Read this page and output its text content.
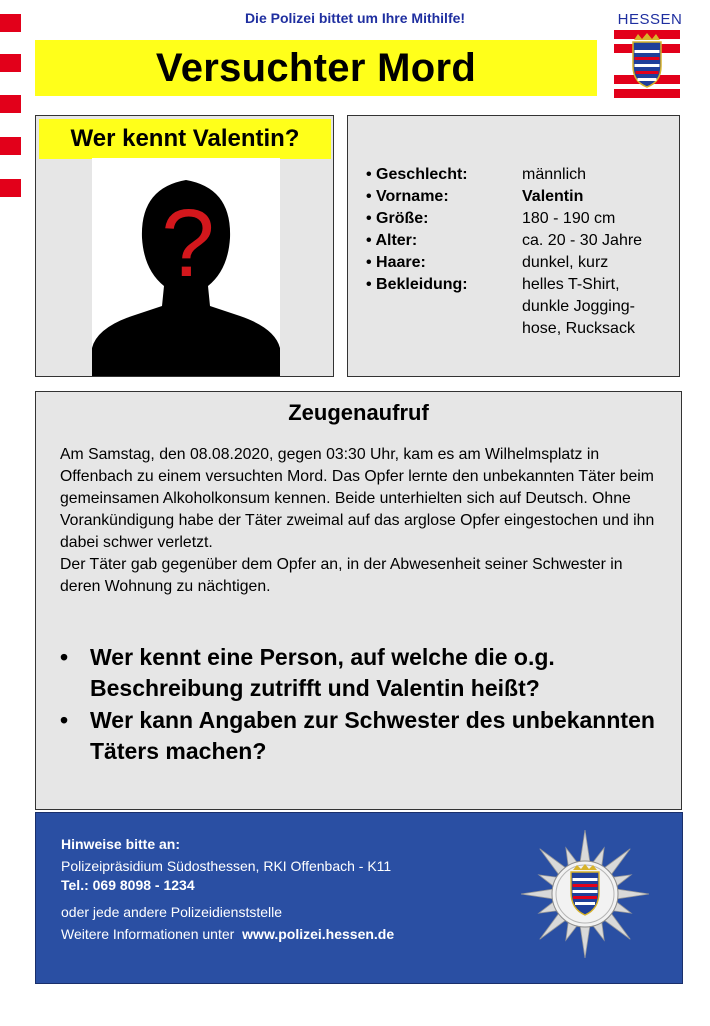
Die Polizei bittet um Ihre Mithilfe!
Versuchter Mord
HESSEN
Wer kennt Valentin?
?
• Geschlecht:	männlich
• Vorname:	Valentin
• Größe:	180 - 190 cm
• Alter:	ca. 20 - 30 Jahre
• Haare:	dunkel, kurz
• Bekleidung:	helles T-Shirt, dunkle Jogging-hose, Rucksack
Zeugenaufruf

Am Samstag, den 08.08.2020, gegen 03:30 Uhr, kam es am Wilhelmsplatz in Offenbach zu einem versuchten Mord. Das Opfer lernte den unbekannten Täter beim gemeinsamen Alkoholkonsum kennen. Beide unterhielten sich auf Deutsch. Ohne Vorankündigung habe der Täter zweimal auf das arglose Opfer eingestochen und ihn dabei schwer verletzt.

Der Täter gab gegenüber dem Opfer an, in der Abwesenheit seiner Schwester in deren Wohnung zu nächtigen.

• Wer kennt eine Person, auf welche die o.g. Beschreibung zutrifft und Valentin heißt?
• Wer kann Angaben zur Schwester des unbekannten Täters machen?
Hinweise bitte an:
Polizeipräsidium Südosthessen, RKI Offenbach - K11
Tel.: 069 8098 - 1234
oder jede andere Polizeidienststelle
Weitere Informationen unter www.polizei.hessen.de
